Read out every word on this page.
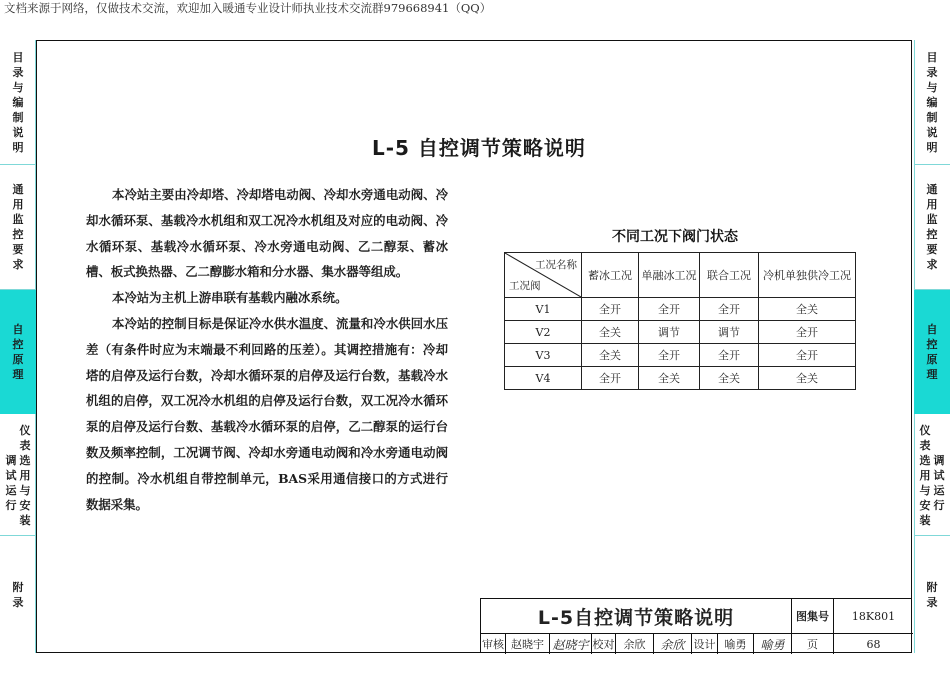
文档来源于网络，仅做技术交流，欢迎加入暖通专业设计师执业技术交流群979668941（QQ）
目录与编制说明
通用监控要求
自控原理
调试运行
仪表选用与安装
附录
目录与编制说明
通用监控要求
自控原理
仪表选用与安装
调试运行
附录
L-5 自控调节策略说明

本冷站主要由冷却塔、冷却塔电动阀、冷却水旁通电动阀、冷却水循环泵、基载冷水机组和双工况冷水机组及对应的电动阀、冷水循环泵、基载冷水循环泵、冷水旁通电动阀、乙二醇泵、蓄冰槽、板式换热器、乙二醇膨水箱和分水器、集水器等组成。

本冷站为主机上游串联有基载内融冰系统。

本冷站的控制目标是保证冷水供水温度、流量和冷水供回水压差（有条件时应为末端最不利回路的压差）。其调控措施有：冷却塔的启停及运行台数，冷却水循环泵的启停及运行台数，基载冷水机组的启停，双工况冷水机组的启停及运行台数，双工况冷水循环泵的启停及运行台数、基载冷水循环泵的启停，乙二醇泵的运行台数及频率控制，工况调节阀、冷却水旁通电动阀和冷水旁通电动阀的控制。冷水机组自带控制单元，BAS采用通信接口的方式进行数据采集。

不同工况下阀门状态
工况名称
工况阀	蓄冰工况	单融冰工况	联合工况	冷机单独供冷工况
V1	全开	全开	全开	全关
V2	全关	调节	调节	全开
V3	全关	全开	全开	全开
V4	全开	全关	全关	全关
L-5自控调节策略说明	图集号	18K801
审核 赵晓宇 赵晓宇 校对 余欣	余欣 设计 喻勇	喻勇	页	68
